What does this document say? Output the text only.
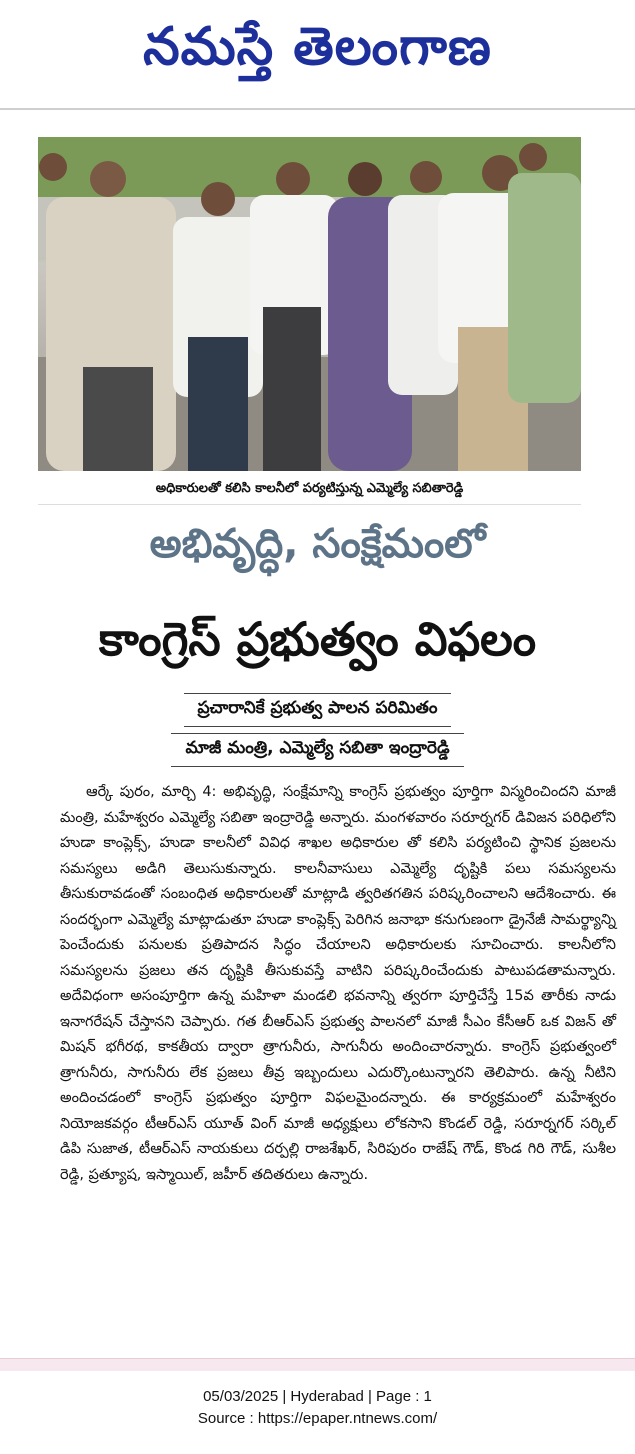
నమస్తే తెలంగాణ
అధికారులతో కలిసి కాలనీలో పర్యటిస్తున్న ఎమ్మెల్యే సబితారెడ్డి
అభివృద్ధి, సంక్షేమంలో
కాంగ్రెస్ ప్రభుత్వం విఫలం
ప్రచారానికే ప్రభుత్వ పాలన పరిమితం
మాజీ మంత్రి, ఎమ్మెల్యే సబితా ఇంద్రారెడ్డి

ఆర్కే పురం, మార్చి 4: అభివృద్ధి, సంక్షేమాన్ని కాంగ్రెస్ ప్రభుత్వం పూర్తిగా విస్మరించిందని మాజీ మంత్రి, మహేశ్వరం ఎమ్మెల్యే సబితా ఇంద్రారెడ్డి అన్నారు. మంగళవారం సరూర్నగర్ డివిజన పరిధిలోని హుడా కాంప్లెక్స్, హుడా కాలనీలో వివిధ శాఖల అధికారుల తో కలిసి పర్యటించి స్థానిక ప్రజలను సమస్యలు అడిగి తెలుసుకున్నారు. కాలనీవాసులు ఎమ్మెల్యే దృష్టికి పలు సమస్యలను తీసుకురావడంతో సంబంధిత అధికారులతో మాట్లాడి త్వరితగతిన పరిష్కరించాలని ఆదేశించారు. ఈ సందర్భంగా ఎమ్మెల్యే మాట్లాడుతూ హుడా కాంప్లెక్స్ పెరిగిన జనాభా కనుగుణంగా డ్రైనేజీ సామర్థ్యాన్ని పెంచేందుకు పనులకు ప్రతిపాదన సిద్ధం చేయాలని అధికారులకు సూచించారు. కాలనీలోని సమస్యలను ప్రజలు తన దృష్టికి తీసుకువస్తే వాటిని పరిష్కరించేందుకు పాటుపడతామన్నారు. అదేవిధంగా అసంపూర్తిగా ఉన్న మహిళా మండలి భవనాన్ని త్వరగా పూర్తిచేస్తే 15వ తారీకు నాడు ఇనాగరేషన్ చేస్తానని చెప్పారు. గత బీఆర్ఎస్ ప్రభుత్వ పాలనలో మాజీ సీఎం కేసీఆర్ ఒక విజన్ తో మిషన్ భగీరథ, కాకతీయ ద్వారా త్రాగునీరు, సాగునీరు అందించారన్నారు. కాంగ్రెస్ ప్రభుత్వంలో త్రాగునీరు, సాగునీరు లేక ప్రజలు తీవ్ర ఇబ్బందులు ఎదుర్కొంటున్నారని తెలిపారు. ఉన్న నీటిని అందించడంలో కాంగ్రెస్ ప్రభుత్వం పూర్తిగా విఫలమైందన్నారు. ఈ కార్యక్రమంలో మహేశ్వరం నియోజకవర్గం టీఆర్ఎస్ యూత్ వింగ్ మాజీ అధ్యక్షులు లోకసాని కొండల్ రెడ్డి, సరూర్నగర్ సర్కిల్ డిపి సుజాత, టీఆర్ఎస్ నాయకులు దర్పల్లి రాజశేఖర్, సిరిపురం రాజేష్ గౌడ్, కొండ గిరి గౌడ్, సుశీల రెడ్డి, ప్రత్యూష, ఇస్మాయిల్, జహీర్ తదితరులు ఉన్నారు.

05/03/2025 | Hyderabad | Page : 1
Source : https://epaper.ntnews.com/
